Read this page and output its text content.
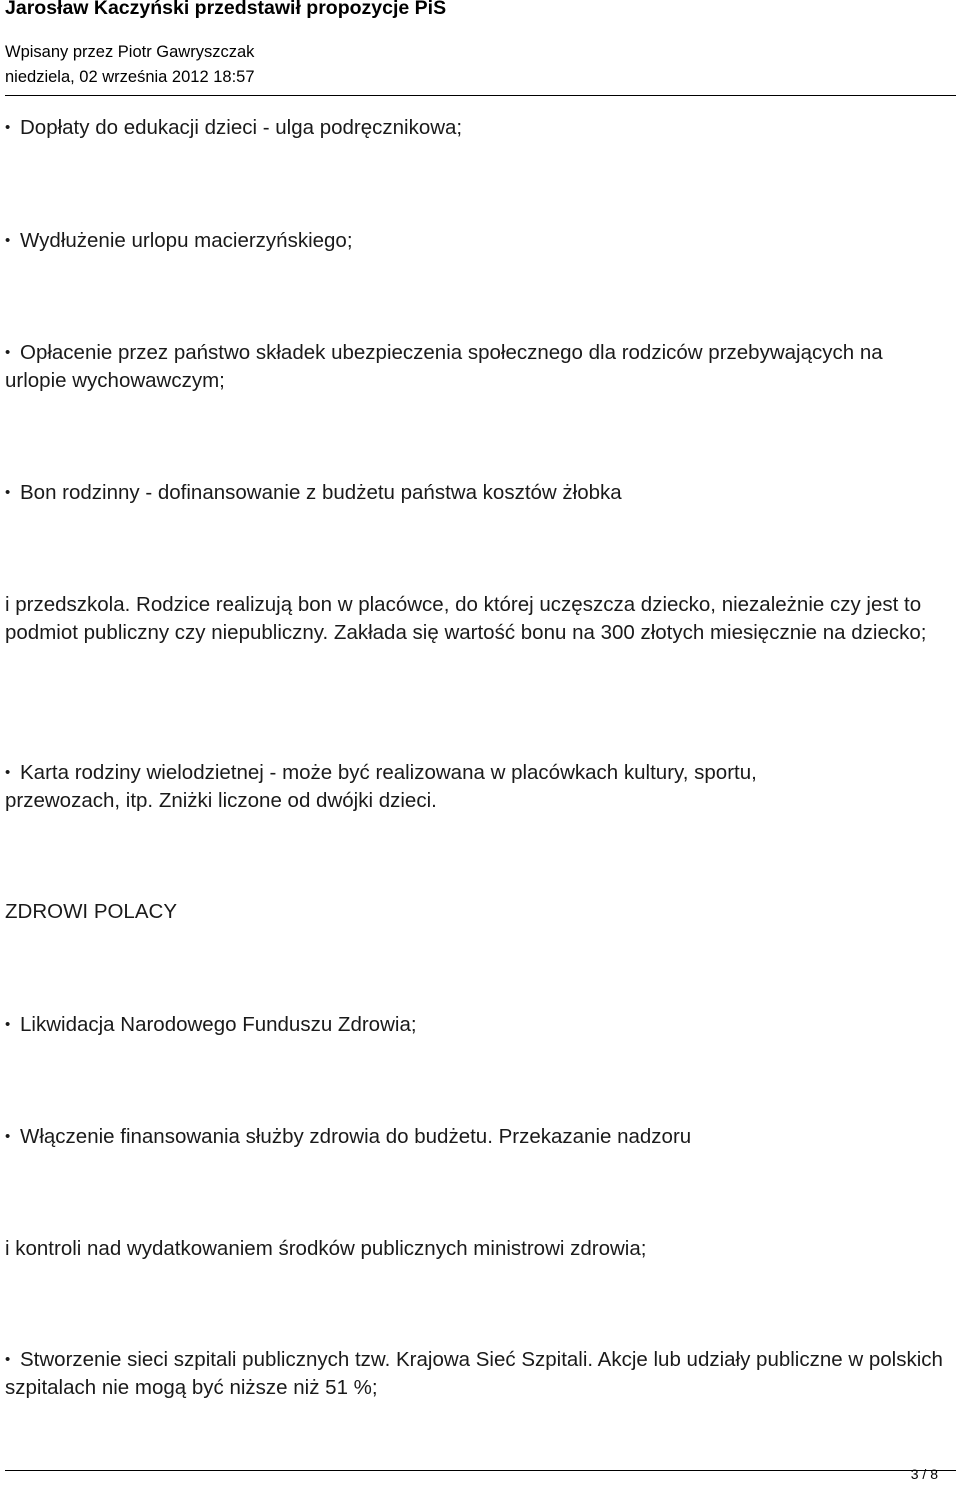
Jarosław Kaczyński przedstawił propozycje PiS
Wpisany przez Piotr Gawryszczak
niedziela, 02 września 2012 18:57
• Dopłaty do edukacji dzieci - ulga podręcznikowa;
• Wydłużenie urlopu macierzyńskiego;
• Opłacenie przez państwo składek ubezpieczenia społecznego dla rodziców przebywających na urlopie wychowawczym;
• Bon rodzinny - dofinansowanie z budżetu państwa kosztów żłobka
i przedszkola. Rodzice realizują bon w placówce, do której uczęszcza dziecko, niezależnie czy jest to podmiot publiczny czy niepubliczny. Zakłada się wartość bonu na 300 złotych miesięcznie na dziecko;
• Karta rodziny wielodzietnej - może być realizowana w placówkach kultury, sportu, przewozach, itp. Zniżki liczone od dwójki dzieci.
ZDROWI POLACY
• Likwidacja Narodowego Funduszu Zdrowia;
• Włączenie finansowania służby zdrowia do budżetu. Przekazanie nadzoru
i kontroli nad wydatkowaniem środków publicznych ministrowi zdrowia;
• Stworzenie sieci szpitali publicznych tzw. Krajowa Sieć Szpitali. Akcje lub udziały publiczne w polskich szpitalach nie mogą być niższe niż 51 %;
3 / 8
